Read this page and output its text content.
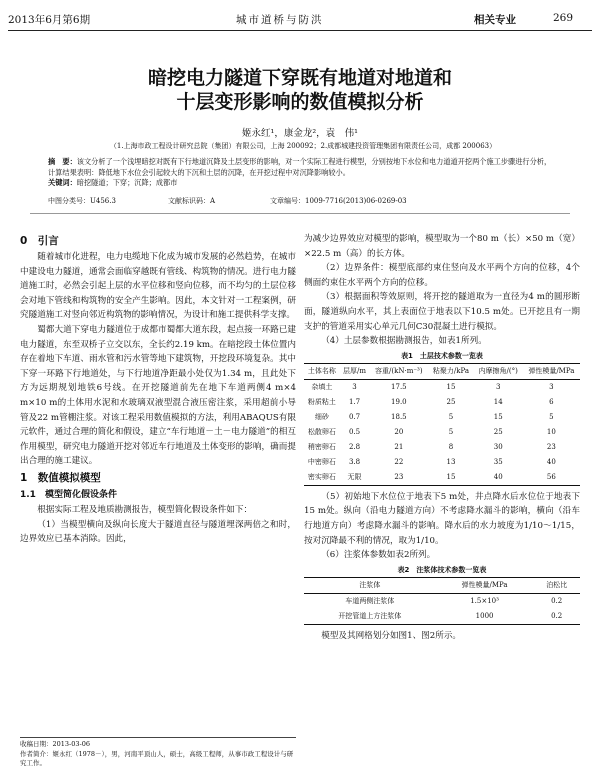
2013年6月第6期	城市道桥与防洪	相关专业	269
暗挖电力隧道下穿既有地道对地道和
十层变形影响的数值模拟分析
姬永红¹，康金龙²，袁　伟¹
（1.上海市政工程设计研究总院（集团）有限公司，上海 200092；2.成都城建投资管理集团有限责任公司，成都 200063）
摘　要：该文分析了一个浅埋暗挖对既有下行地道沉降及土层变形的影响，对一个实际工程进行模型，分别按地下水位和电力道道开挖两个施工步骤进行分析，计算结果表明：降低地下水位会引起较大的下沉和土层的沉降，在开挖过程中对沉降影响较小。
关键词：暗挖隧道；下穿；沉降；成都市
中图分类号：U456.3	文献标识码：A	文章编号：1009-7716(2013)06-0269-03
0　引言

随着城市化进程，电力电缆地下化成为城市发展的必然趋势，在城市中建设电力隧道，通常会面临穿越既有管线、构筑物的情况。进行电力隧道施工时，必然会引起上层的水平位移和竖向位移，而不均匀的土层位移会对地下管线和构筑物的安全产生影响。因此，本文针对一工程案例，研究隧道施工对竖向邻近构筑物的影响情况，为设计和施工提供科学支撑。

蜀都大道下穿电力隧道位于成都市蜀都大道东段，起点接一环路已建电力隧道，东至双桥子立交以东，全长约2.19 km。在暗挖段土体位置内存在着地下车道、雨水管和污水管等地下建筑物，开挖段环境复杂。其中下穿一环路下行地道处，与下行地道净距最小处仅为1.34 m，且此处下方为远期规划地铁6号线。在开挖隧道前先在地下车道两侧4 m×4 m×10 m的土体用水泥和水玻璃双液型混合液压密注浆，采用超前小导管及22 m管棚注浆。对该工程采用数值模拟的方法，利用ABAQUS有限元软件，通过合理的简化和假设，建立“车行地道－土－电力隧道”的相互作用模型，研究电力隧道开挖对邻近车行地道及土体变形的影响，确而提出合理的施工建议。

1　数值模拟模型
1.1　模型简化假设条件

根据实际工程及地质勘测报告，模型简化假设条件如下：

（1）当模型横向及纵向长度大于隧道直径与隧道埋深两倍之和时，边界效应已基本消除。因此，

为减少边界效应对模型的影响，模型取为一个80 m（长）×50 m（宽）×22.5 m（高）的长方体。

（2）边界条件：模型底部约束住竖向及水平两个方向的位移，4个侧面约束住水平两个方向的位移。

（3）根据面积等效原则，将开挖的隧道取为一直径为4 m的圆形断面，隧道纵向水平，其上表面位于地表以下10.5 m处。已开挖且有一期支护的管道采用实心单元几何C30混凝土进行模拟。

（4）土层参数根据勘测报告，如表1所列。

表1　土层技术参数一览表

土体名称	层厚/m	容重/(kN·m⁻³)	粘聚力/kPa	内摩擦角/(°)	弹性模量/MPa
杂填土	3	17.5	15	3	3
粉质粘土	1.7	19.0	25	14	6
细砂	0.7	18.5	5	15	5
松散卵石	0.5	20	5	25	10
稍密卵石	2.8	21	8	30	23
中密卵石	3.8	22	13	35	40
密实卵石	无限	23	15	40	56

（5）初始地下水位位于地表下5 m处，井点降水后水位位于地表下15 m处。纵向（沿电力隧道方向）不考虑降水漏斗的影响，横向（沿车行地道方向）考虑降水漏斗的影响。降水后的水力坡度为1/10～1/15，按对沉降最不利的情况，取为1/10。

（6）注浆体参数如表2所列。

表2　注浆体技术参数一览表

注浆体	弹性模量/MPa	泊松比
车道两侧注浆体	1.5×10³	0.2
开挖管道上方注浆体	1000	0.2

模型及其网格划分如图1、图2所示。

收稿日期：2013-03-06
作者简介：姬永红（1978－），男，河南平顶山人，硕士，高级工程师，从事市政工程设计与研究工作。
